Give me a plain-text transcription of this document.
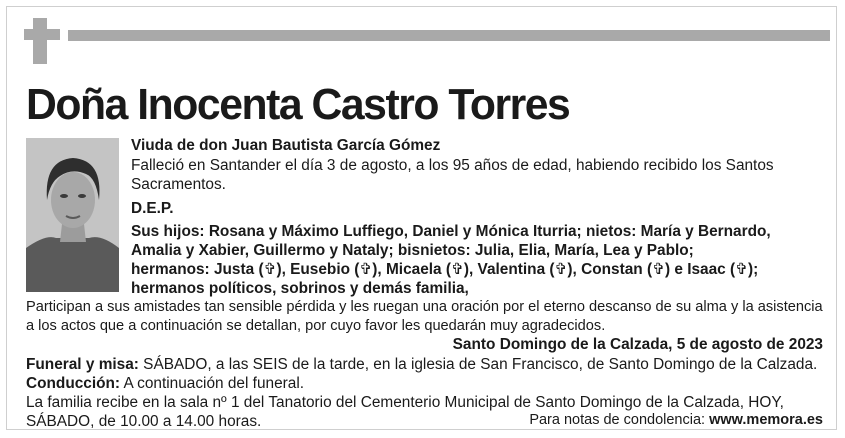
Doña Inocenta Castro Torres
Viuda de don Juan Bautista García Gómez
Falleció en Santander el día 3 de agosto, a los 95 años de edad, habiendo recibido los Santos
Sacramentos.
D.E.P.
Sus hijos: Rosana y Máximo Luffiego, Daniel y Mónica Iturria; nietos: María y Bernardo,
Amalia y Xabier, Guillermo y Nataly; bisnietos: Julia, Elia, María, Lea y Pablo;
hermanos: Justa (✞), Eusebio (✞), Micaela (✞), Valentina (✞), Constan (✞) e Isaac (✞);
hermanos políticos, sobrinos y demás familia,
Participan a sus amistades tan sensible pérdida y les ruegan una oración por el eterno descanso de su alma y la asistencia
a los actos que a continuación se detallan, por cuyo favor les quedarán muy agradecidos.
Santo Domingo de la Calzada, 5 de agosto de 2023
Funeral y misa: SÁBADO, a las SEIS de la tarde, en la iglesia de San Francisco, de Santo Domingo de la Calzada.
Conducción: A continuación del funeral.
La familia recibe en la sala nº 1 del Tanatorio del Cementerio Municipal de Santo Domingo de la Calzada, HOY,
SÁBADO, de 10.00 a 14.00 horas.	Para notas de condolencia: www.memora.es
